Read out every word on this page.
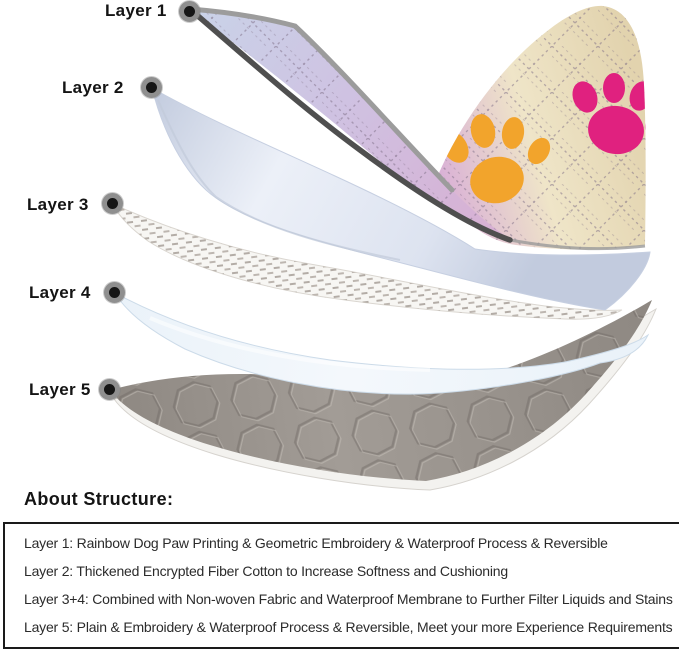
Layer 1
Layer 2
Layer 3
Layer 4
Layer 5
About Structure:
Layer 1: Rainbow Dog Paw Printing & Geometric Embroidery & Waterproof Process & Reversible
Layer 2: Thickened Encrypted Fiber Cotton to Increase Softness and Cushioning
Layer 3+4: Combined with Non-woven Fabric and Waterproof Membrane to Further Filter Liquids and Stains
Layer 5: Plain & Embroidery & Waterproof Process & Reversible, Meet your more Experience Requirements
